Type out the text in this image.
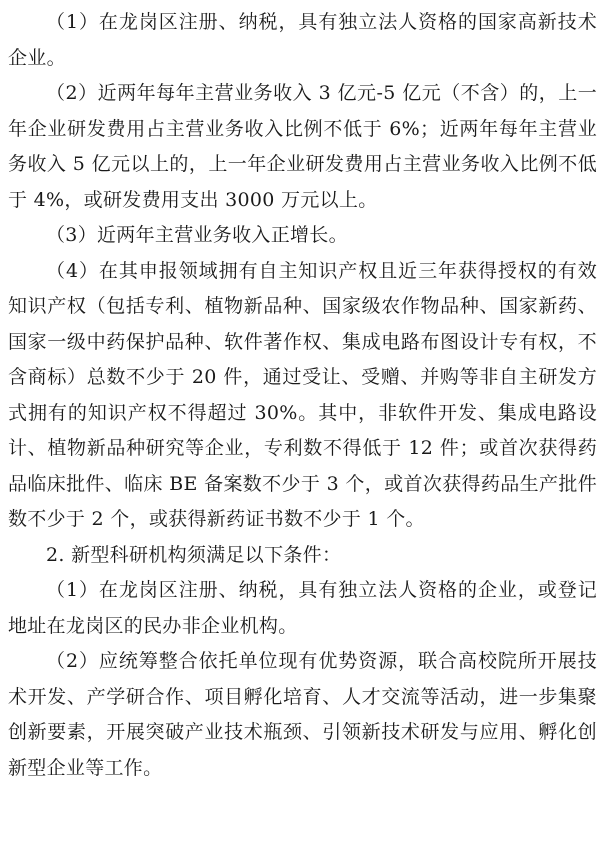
（1）在龙岗区注册、纳税，具有独立法人资格的国家高新技术企业。

（2）近两年每年主营业务收入 3 亿元-5 亿元（不含）的，上一年企业研发费用占主营业务收入比例不低于 6%；近两年每年主营业务收入 5 亿元以上的，上一年企业研发费用占主营业务收入比例不低于 4%，或研发费用支出 3000 万元以上。

（3）近两年主营业务收入正增长。

（4）在其申报领域拥有自主知识产权且近三年获得授权的有效知识产权（包括专利、植物新品种、国家级农作物品种、国家新药、国家一级中药保护品种、软件著作权、集成电路布图设计专有权，不含商标）总数不少于 20 件，通过受让、受赠、并购等非自主研发方式拥有的知识产权不得超过 30%。其中，非软件开发、集成电路设计、植物新品种研究等企业，专利数不得低于 12 件；或首次获得药品临床批件、临床 BE 备案数不少于 3 个，或首次获得药品生产批件数不少于 2 个，或获得新药证书数不少于 1 个。

2. 新型科研机构须满足以下条件：

（1）在龙岗区注册、纳税，具有独立法人资格的企业，或登记地址在龙岗区的民办非企业机构。

（2）应统筹整合依托单位现有优势资源，联合高校院所开展技术开发、产学研合作、项目孵化培育、人才交流等活动，进一步集聚创新要素，开展突破产业技术瓶颈、引领新技术研发与应用、孵化创新型企业等工作。
